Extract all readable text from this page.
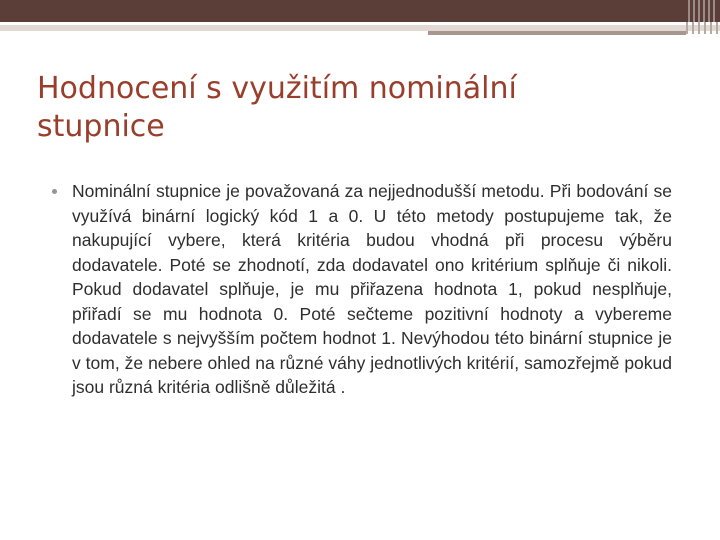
Hodnocení s využitím nominální
stupnice
Nominální stupnice je považovaná za nejjednodušší metodu. Při bodování se využívá binární logický kód 1 a 0. U této metody postupujeme tak, že nakupující vybere, která kritéria budou vhodná při procesu výběru dodavatele. Poté se zhodnotí, zda dodavatel ono kritérium splňuje či nikoli. Pokud dodavatel splňuje, je mu přiřazena hodnota 1, pokud nesplňuje, přiřadí se mu hodnota 0. Poté sečteme pozitivní hodnoty a vybereme dodavatele s nejvyšším počtem hodnot 1. Nevýhodou této binární stupnice je v tom, že nebere ohled na různé váhy jednotlivých kritérií, samozřejmě pokud jsou různá kritéria odlišně důležitá .
